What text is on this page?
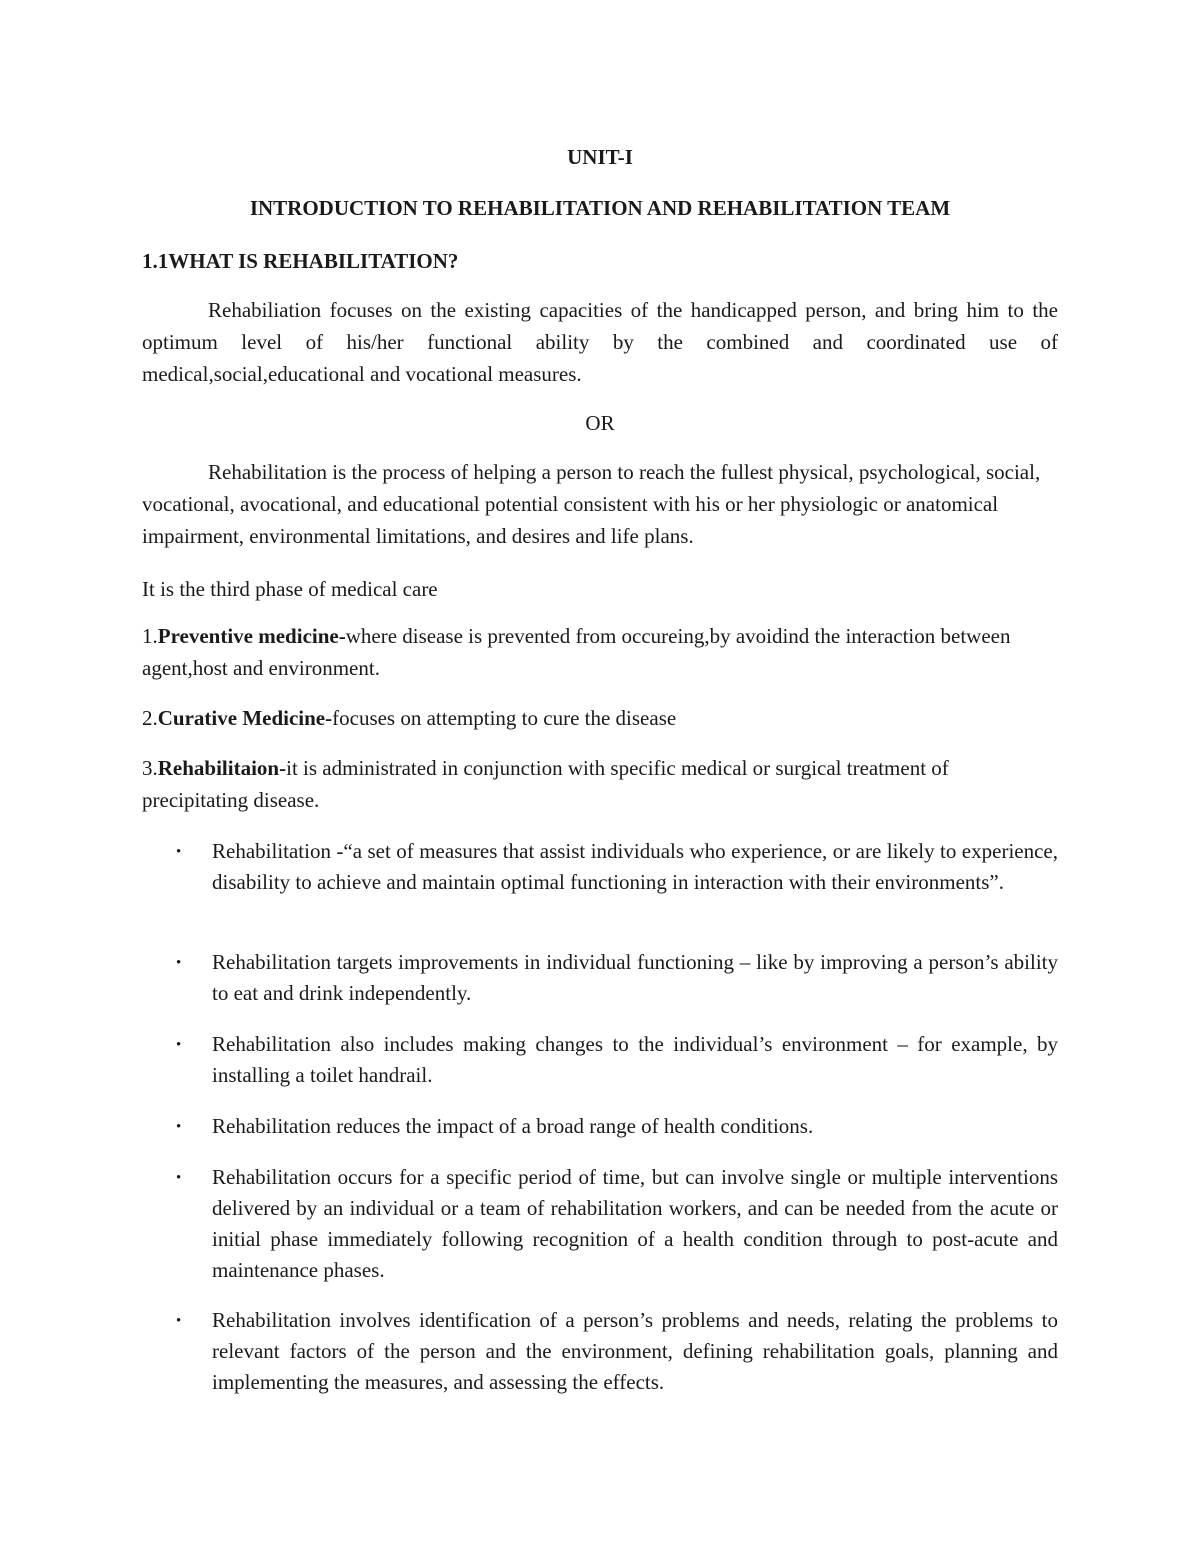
UNIT-I

INTRODUCTION TO REHABILITATION AND REHABILITATION TEAM

1.1WHAT IS REHABILITATION?

Rehabiliation focuses on the existing capacities of the handicapped person, and bring him to the optimum level of his/her functional ability by the combined and coordinated use of medical,social,educational and vocational measures.

OR

Rehabilitation is the process of helping a person to reach the fullest physical, psychological, social, vocational, avocational, and educational potential consistent with his or her physiologic or anatomical impairment, environmental limitations, and desires and life plans.

It is the third phase of medical care

1.Preventive medicine-where disease is prevented from occureing,by avoidind the interaction between agent,host and environment.

2.Curative Medicine-focuses on attempting to cure the disease

3.Rehabilitaion-it is administrated in conjunction with specific medical or surgical treatment of precipitating disease.

• Rehabilitation -“a set of measures that assist individuals who experience, or are likely to experience, disability to achieve and maintain optimal functioning in interaction with their environments”.

• Rehabilitation targets improvements in individual functioning – like by improving a person’s ability to eat and drink independently.

• Rehabilitation also includes making changes to the individual’s environment – for example, by installing a toilet handrail.

• Rehabilitation reduces the impact of a broad range of health conditions.

• Rehabilitation occurs for a specific period of time, but can involve single or multiple interventions delivered by an individual or a team of rehabilitation workers, and can be needed from the acute or initial phase immediately following recognition of a health condition through to post-acute and maintenance phases.

• Rehabilitation involves identification of a person’s problems and needs, relating the problems to relevant factors of the person and the environment, defining rehabilitation goals, planning and implementing the measures, and assessing the effects.
